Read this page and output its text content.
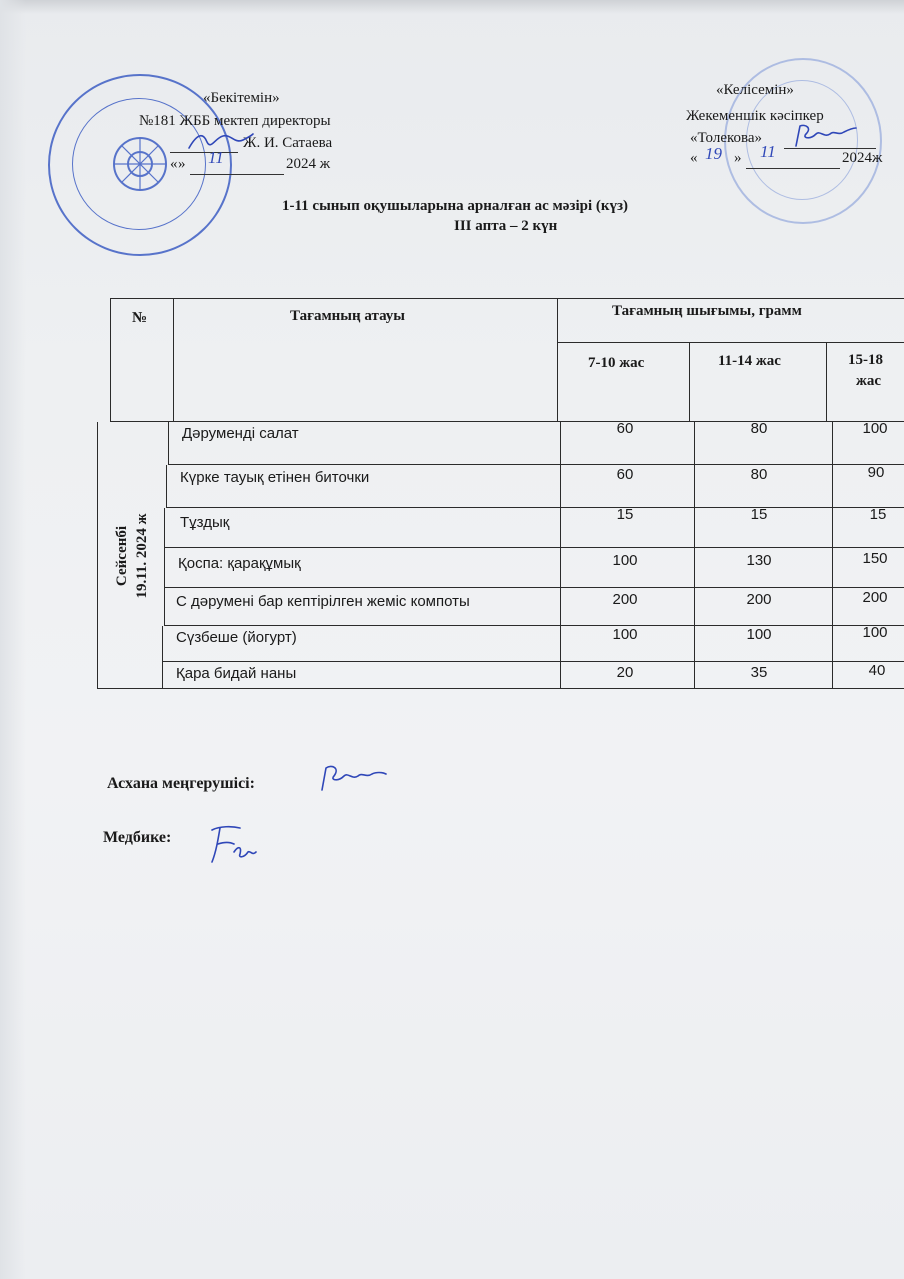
«Бекітемін»
№181 ЖББ мектеп директоры
Ж. И. Сатаева
« » 11	2024 ж
«Келісемін»
Жекеменшік кәсіпкер
«Толекова»
« 19 » 11	2024ж
1-11 сынып оқушыларына арналған ас мәзірі (күз)
ІІІ апта – 2 күн
№	Тағамның атауы	Тағамның шығымы, грамм
7-10 жас	11-14 жас	15-18
жас
Сейсенбі 19.11. 2024 ж
Дәруменді салат	60	80	100
Күрке тауық етінен биточки	60	80	90
Тұздық	15	15	15
Қоспа: қарақұмық	100	130	150
С дәрумені бар кептірілген жеміс компоты	200	200	200
Сүзбеше (йогурт)	100	100	100
Қара бидай наны	20	35	40
Асхана меңгерушісі:
Медбике:
